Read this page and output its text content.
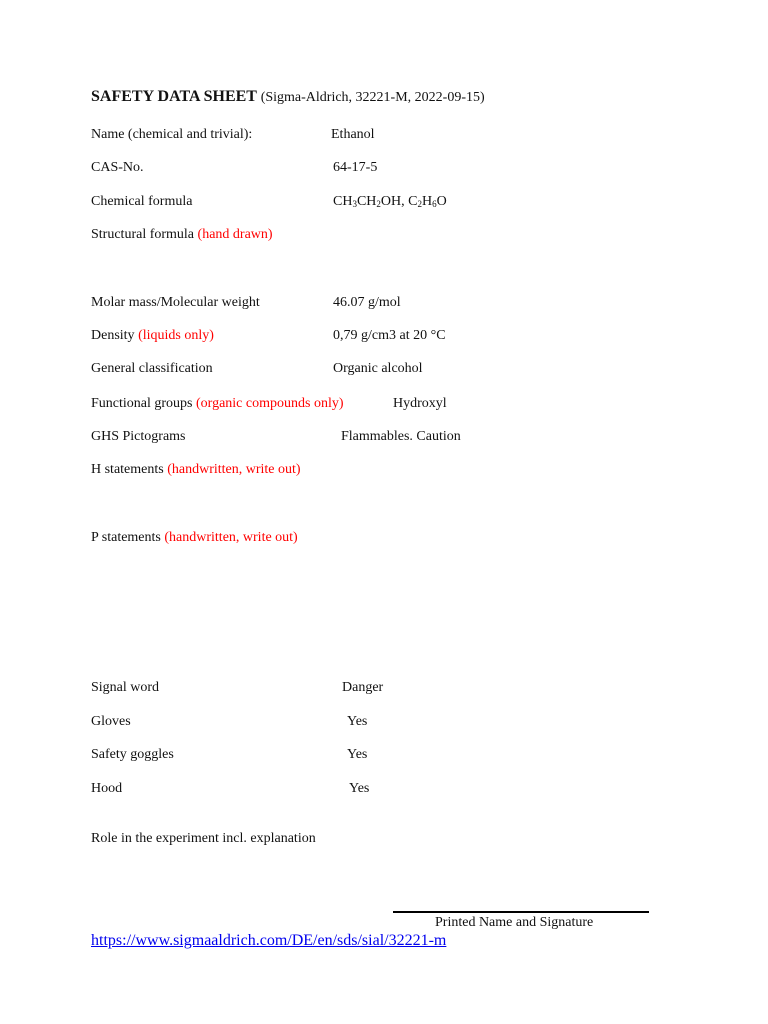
SAFETY DATA SHEET (Sigma-Aldrich, 32221-M, 2022-09-15)
Name (chemical and trivial):	Ethanol
CAS-No.	64-17-5
Chemical formula	$CH_3CH_2OH$, $C_2H_6O$
Structural formula (hand drawn)
Molar mass/Molecular weight	46.07 g/mol
Density (liquids only)	0,79 g/cm3 at 20 °C
General classification	Organic alcohol
Functional groups (organic compounds only)	Hydroxyl
GHS Pictograms	Flammables. Caution
H statements (handwritten, write out)
P statements (handwritten, write out)
Signal word	Danger
Gloves	Yes
Safety goggles	Yes
Hood	Yes
Role in the experiment incl. explanation
Printed Name and Signature
https://www.sigmaaldrich.com/DE/en/sds/sial/32221-m
